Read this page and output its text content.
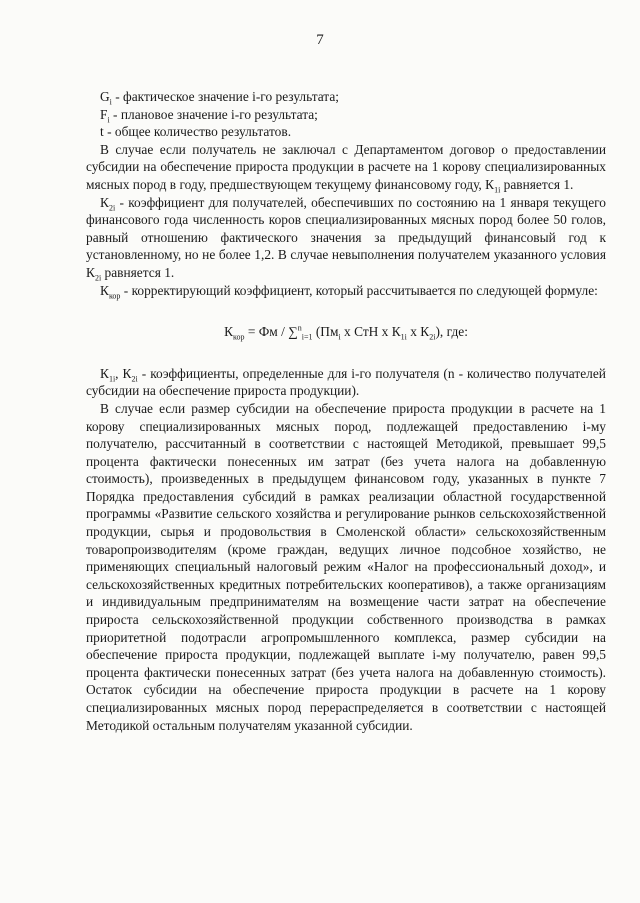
7

$G_i$ - фактическое значение i-го результата;

$F_i$ - плановое значение i-го результата;

t - общее количество результатов.

В случае если получатель не заключал с Департаментом договор о предоставлении субсидии на обеспечение прироста продукции в расчете на 1 корову специализированных мясных пород в году, предшествующем текущему финансовому году, $К_{1i}$ равняется 1.

$К_{2i}$ - коэффициент для получателей, обеспечивших по состоянию на 1 января текущего финансового года численность коров специализированных мясных пород более 50 голов, равный отношению фактического значения за предыдущий финансовый год к установленному, но не более 1,2. В случае невыполнения получателем указанного условия $К_{2i}$ равняется 1.

$К_{кор}$ - корректирующий коэффициент, который рассчитывается по следующей формуле:

$К_{кор}$ = Фм / ∑$^n_{i=1}$ ($Пм_i$ х СтН х $К_{1i}$ х $К_{2i}$), где:

$К_{1i}$, $К_{2i}$ - коэффициенты, определенные для i-го получателя (n - количество получателей субсидии на обеспечение прироста продукции).

В случае если размер субсидии на обеспечение прироста продукции в расчете на 1 корову специализированных мясных пород, подлежащей предоставлению i-му получателю, рассчитанный в соответствии с настоящей Методикой, превышает 99,5 процента фактически понесенных им затрат (без учета налога на добавленную стоимость), произведенных в предыдущем финансовом году, указанных в пункте 7 Порядка предоставления субсидий в рамках реализации областной государственной программы «Развитие сельского хозяйства и регулирование рынков сельскохозяйственной продукции, сырья и продовольствия в Смоленской области» сельскохозяйственным товаропроизводителям (кроме граждан, ведущих личное подсобное хозяйство, не применяющих специальный налоговый режим «Налог на профессиональный доход», и сельскохозяйственных кредитных потребительских кооперативов), а также организациям и индивидуальным предпринимателям на возмещение части затрат на обеспечение прироста сельскохозяйственной продукции собственного производства в рамках приоритетной подотрасли агропромышленного комплекса, размер субсидии на обеспечение прироста продукции, подлежащей выплате i-му получателю, равен 99,5 процента фактически понесенных затрат (без учета налога на добавленную стоимость). Остаток субсидии на обеспечение прироста продукции в расчете на 1 корову специализированных мясных пород перераспределяется в соответствии с настоящей Методикой остальным получателям указанной субсидии.
